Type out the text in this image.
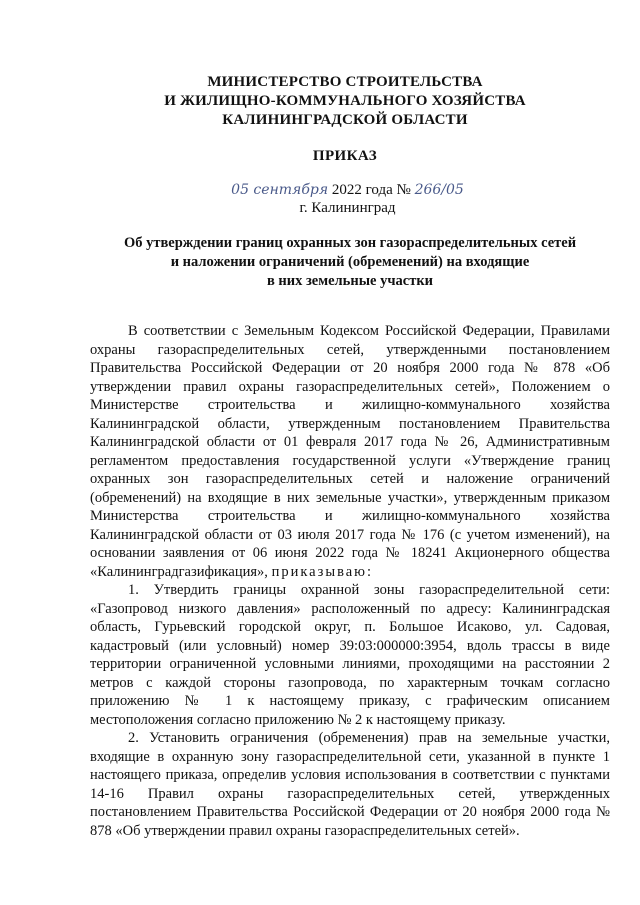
МИНИСТЕРСТВО СТРОИТЕЛЬСТВА
И ЖИЛИЩНО-КОММУНАЛЬНОГО ХОЗЯЙСТВА
КАЛИНИНГРАДСКОЙ ОБЛАСТИ
ПРИКАЗ
05 сентября 2022 года № 266/05
г. Калининград
Об утверждении границ охранных зон газораспределительных сетей
и наложении ограничений (обременений) на входящие
в них земельные участки

В соответствии с Земельным Кодексом Российской Федерации, Правилами охраны газораспределительных сетей, утвержденными постановлением Правительства Российской Федерации от 20 ноября 2000 года № 878 «Об утверждении правил охраны газораспределительных сетей», Положением о Министерстве строительства и жилищно-коммунального хозяйства Калининградской области, утвержденным постановлением Правительства Калининградской области от 01 февраля 2017 года № 26, Административным регламентом предоставления государственной услуги «Утверждение границ охранных зон газораспределительных сетей и наложение ограничений (обременений) на входящие в них земельные участки», утвержденным приказом Министерства строительства и жилищно-коммунального хозяйства Калининградской области от 03 июля 2017 года № 176 (с учетом изменений), на основании заявления от 06 июня 2022 года № 18241 Акционерного общества «Калининградгазификация», приказываю:

1. Утвердить границы охранной зоны газораспределительной сети: «Газопровод низкого давления» расположенный по адресу: Калининградская область, Гурьевский городской округ, п. Большое Исаково, ул. Садовая, кадастровый (или условный) номер 39:03:000000:3954, вдоль трассы в виде территории ограниченной условными линиями, проходящими на расстоянии 2 метров с каждой стороны газопровода, по характерным точкам согласно приложению № 1 к настоящему приказу, с графическим описанием местоположения согласно приложению № 2 к настоящему приказу.

2. Установить ограничения (обременения) прав на земельные участки, входящие в охранную зону газораспределительной сети, указанной в пункте 1 настоящего приказа, определив условия использования в соответствии с пунктами 14-16 Правил охраны газораспределительных сетей, утвержденных постановлением Правительства Российской Федерации от 20 ноября 2000 года № 878 «Об утверждении правил охраны газораспределительных сетей».
